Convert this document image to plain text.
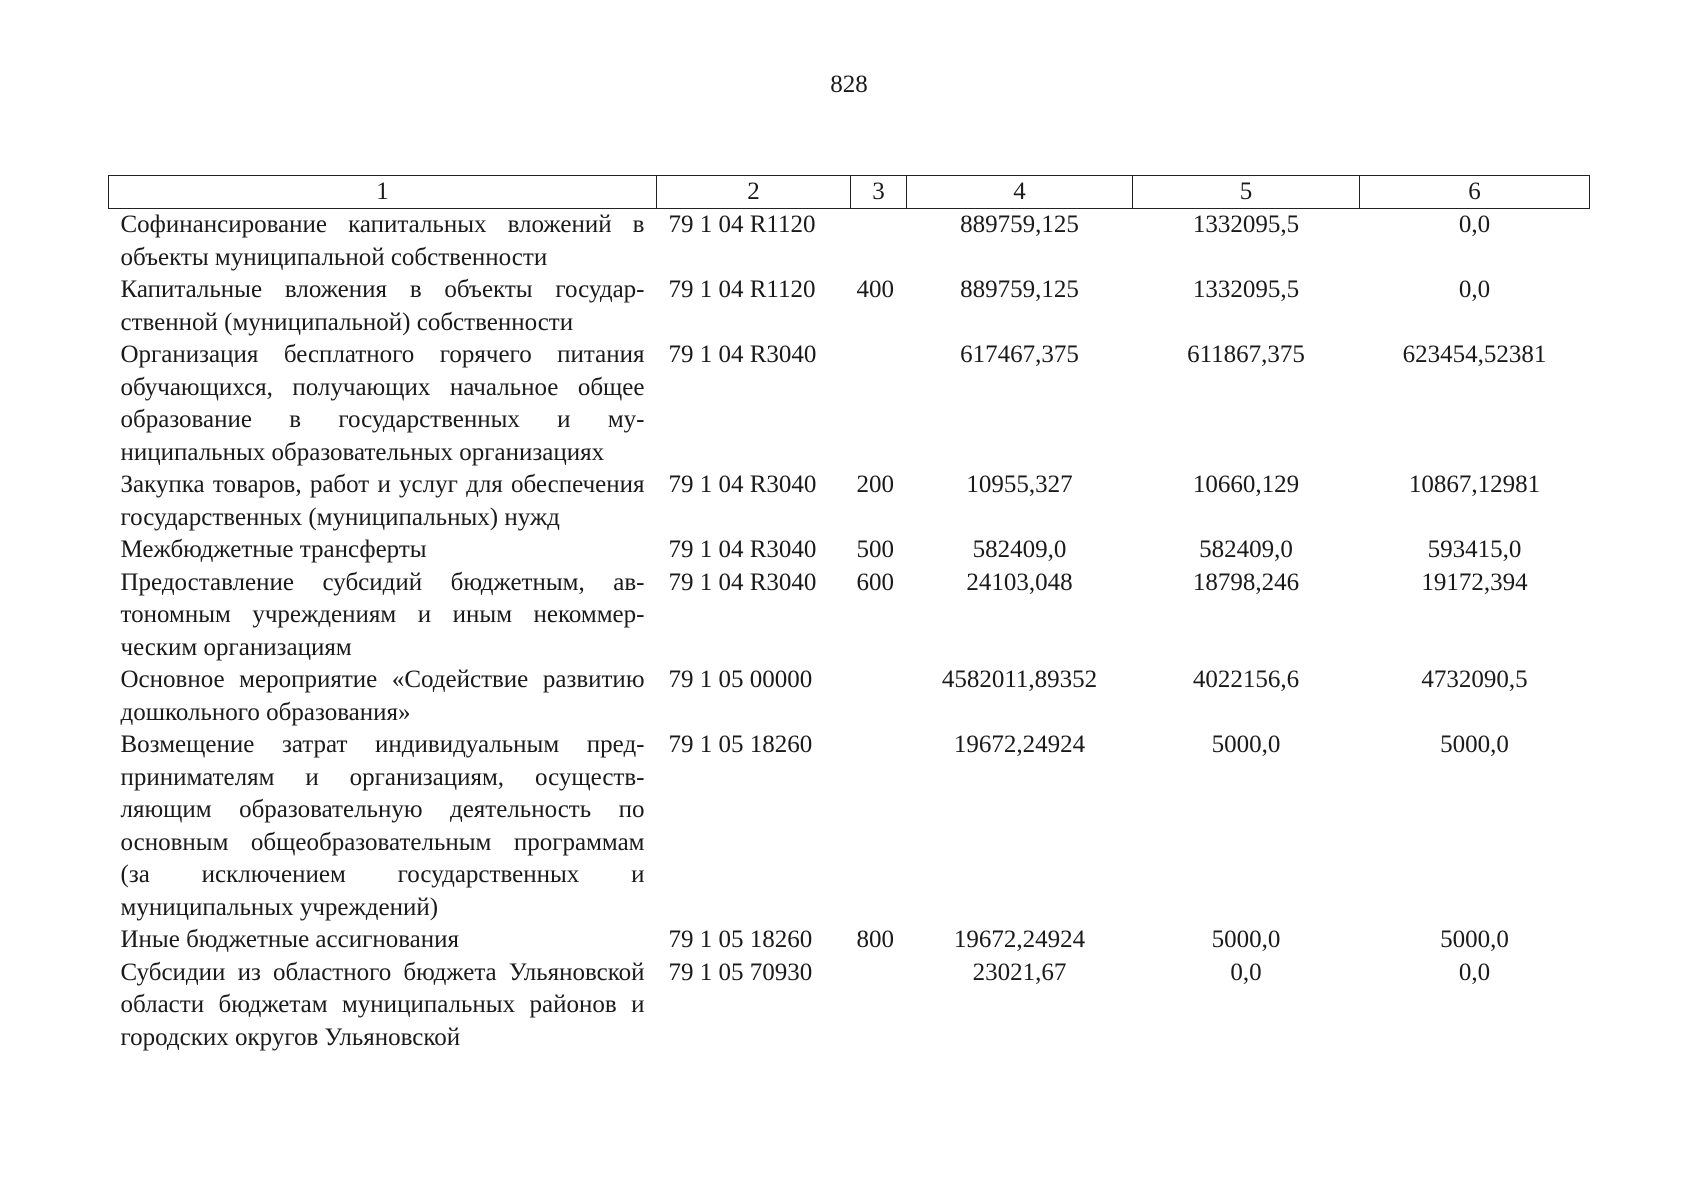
828
1	2	3	4	5	6
Софинансирование капитальных вложений в объекты муниципальной собственности	79 1 04 R1120		889759,125	1332095,5	0,0
Капитальные вложения в объекты государственной (муниципальной) собственности	79 1 04 R1120	400	889759,125	1332095,5	0,0
Организация бесплатного горячего питания обучающихся, получающих начальное общее образование в государственных и муниципальных образовательных организациях	79 1 04 R3040		617467,375	611867,375	623454,52381
Закупка товаров, работ и услуг для обеспечения государственных (муниципальных) нужд	79 1 04 R3040	200	10955,327	10660,129	10867,12981
Межбюджетные трансферты	79 1 04 R3040	500	582409,0	582409,0	593415,0
Предоставление субсидий бюджетным, автономным учреждениям и иным некоммерческим организациям	79 1 04 R3040	600	24103,048	18798,246	19172,394
Основное мероприятие «Содействие развитию дошкольного образования»	79 1 05 00000		4582011,89352	4022156,6	4732090,5
Возмещение затрат индивидуальным предпринимателям и организациям, осуществляющим образовательную деятельность по основным общеобразовательным программам (за исключением государственных и муниципальных учреждений)	79 1 05 18260		19672,24924	5000,0	5000,0
Иные бюджетные ассигнования	79 1 05 18260	800	19672,24924	5000,0	5000,0
Субсидии из областного бюджета Ульяновской области бюджетам муниципальных районов и городских округов Ульяновской	79 1 05 70930		23021,67	0,0	0,0
